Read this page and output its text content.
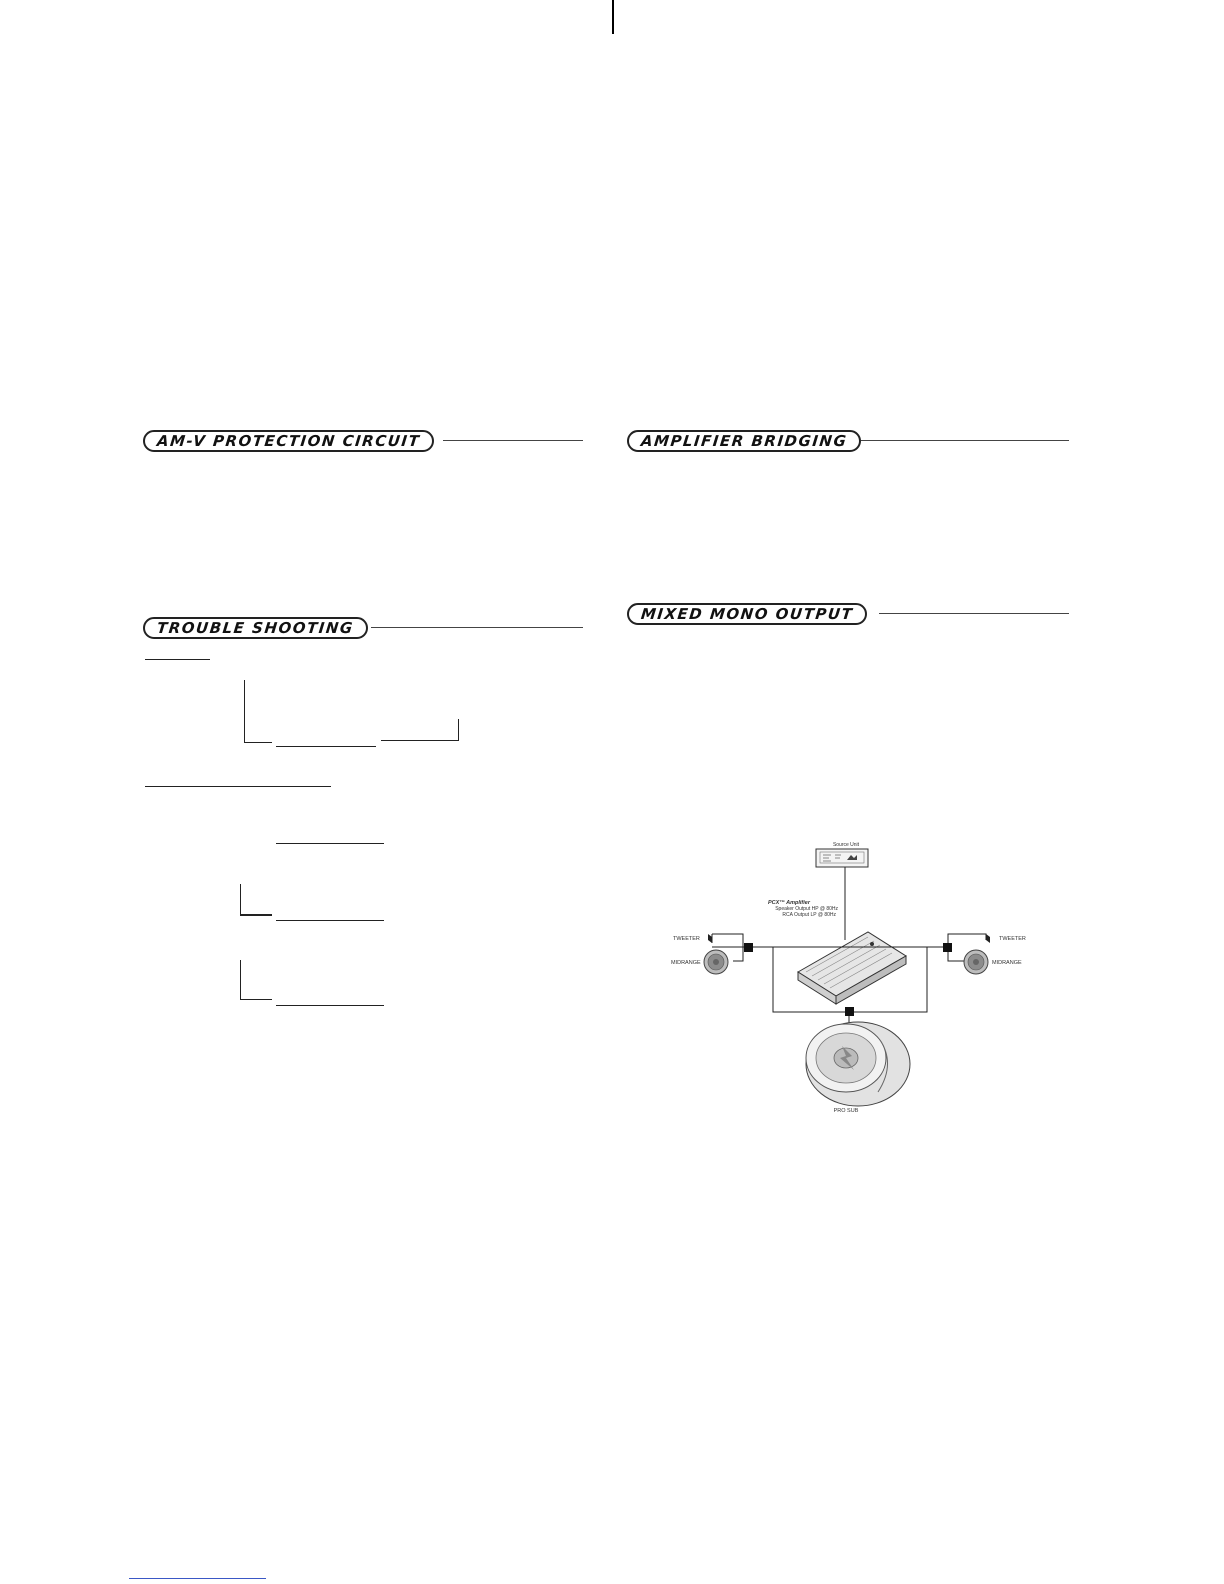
AM-V PROTECTION CIRCUIT
TROUBLE SHOOTING
AMPLIFIER BRIDGING
MIXED MONO OUTPUT
Source Unit
PCX™ Amplifier
Speaker Output HP @ 80Hz
RCA Output LP @ 80Hz
TWEETER	TWEETER
MIDRANGE	MIDRANGE
PRO SUB
